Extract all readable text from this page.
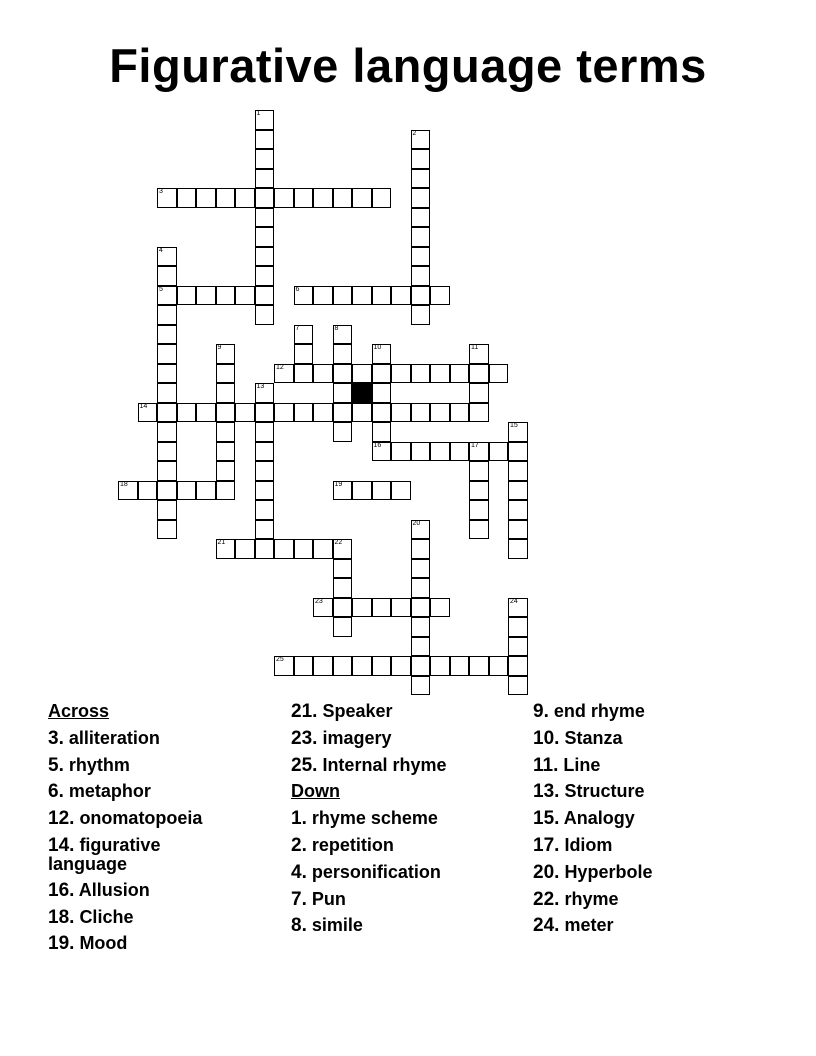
Figurative language terms
1
2
3
4
5	6
7	8
9	10
16
11
12
13
14
15
17
18	19
20
21	22
23	24
25
Across
3. alliteration
5. rhythm
6. metaphor
12. onomatopoeia
14. figurative
language
16. Allusion
18. Cliche
19. Mood
21. Speaker
23. imagery
25. Internal rhyme
Down
1. rhyme scheme
2. repetition
4. personification
7. Pun
8. simile
9. end rhyme
10. Stanza
11. Line
13. Structure
15. Analogy
17. Idiom
20. Hyperbole
22. rhyme
24. meter
